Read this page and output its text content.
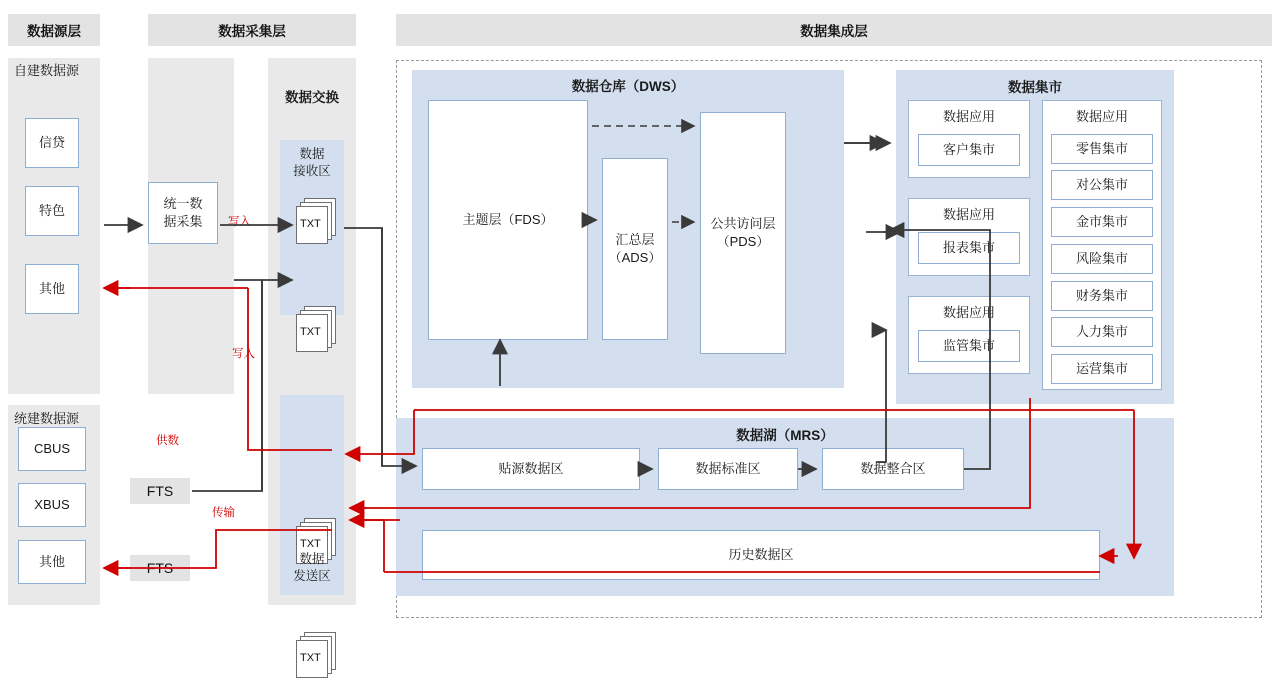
数据源层	数据采集层	数据集成层
自建数据源
信贷
特色
其他
统建数据源
CBUS
XBUS
其他
统一数
据采集
FTS
FTS
数据交换
数据
接收区
TXT
TXT
TXT
TXT
数据
发送区
数据仓库（DWS）
主题层（FDS）
汇总层
（ADS）
公共访问层
（PDS）
数据集市
数据应用
客户集市
数据应用
报表集市
数据应用
监管集市
数据应用
零售集市
对公集市
金市集市
风险集市
财务集市
人力集市
运营集市
数据湖（MRS）
贴源数据区	数据标准区	数据整合区
历史数据区
写入
写入
供数
传输
